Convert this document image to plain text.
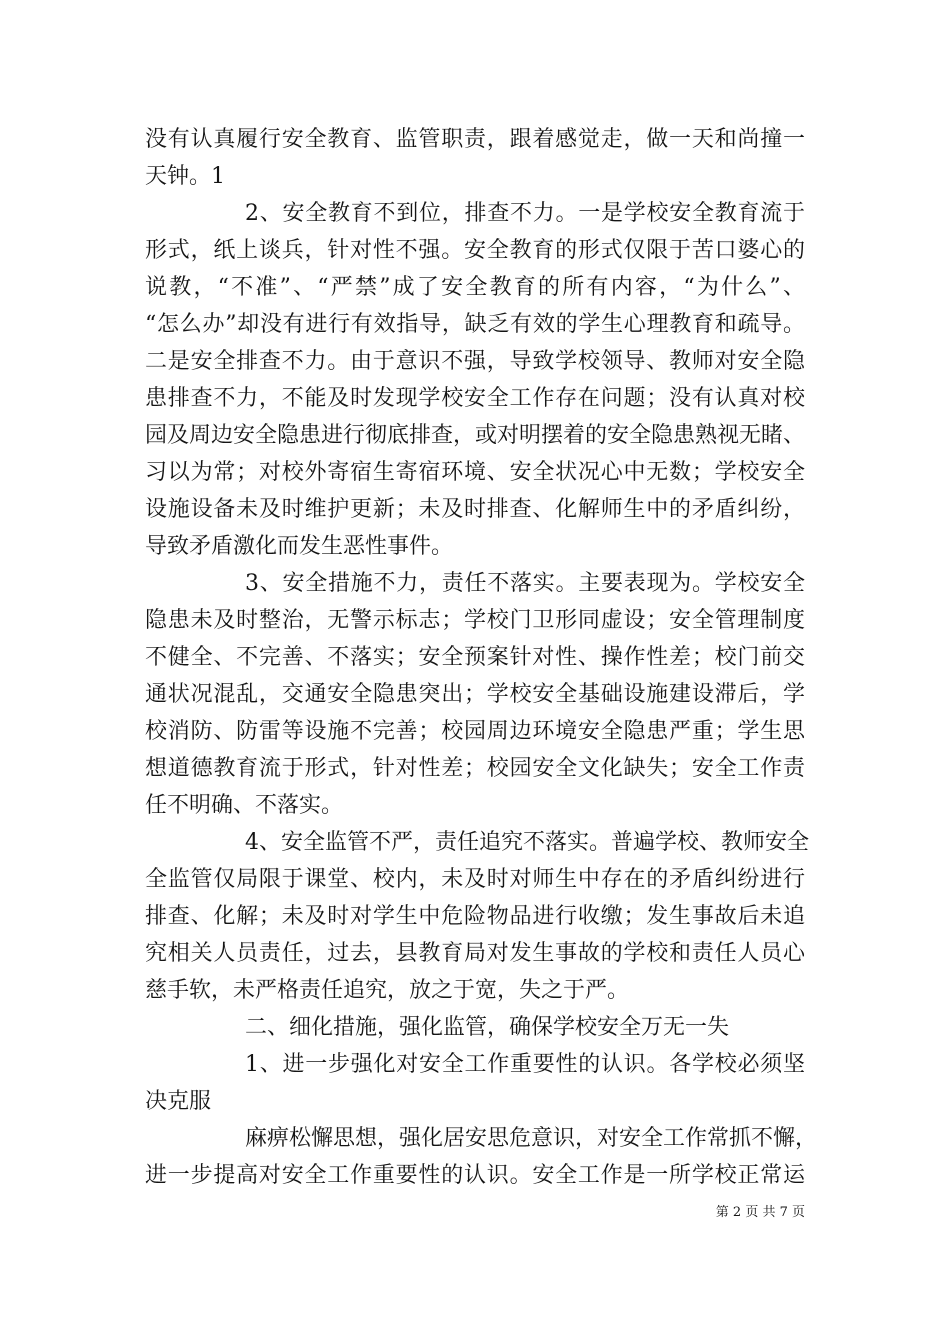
没有认真履行安全教育、监管职责，跟着感觉走，做一天和尚撞一
天钟。1
2、安全教育不到位，排查不力。一是学校安全教育流于
形式，纸上谈兵，针对性不强。安全教育的形式仅限于苦口婆心的
说教，“不准”、“严禁”成了安全教育的所有内容，“为什么”、
“怎么办”却没有进行有效指导，缺乏有效的学生心理教育和疏导。
二是安全排查不力。由于意识不强，导致学校领导、教师对安全隐
患排查不力，不能及时发现学校安全工作存在问题；没有认真对校
园及周边安全隐患进行彻底排查，或对明摆着的安全隐患熟视无睹、
习以为常；对校外寄宿生寄宿环境、安全状况心中无数；学校安全
设施设备未及时维护更新；未及时排查、化解师生中的矛盾纠纷，
导致矛盾激化而发生恶性事件。
3、安全措施不力，责任不落实。主要表现为。学校安全
隐患未及时整治，无警示标志；学校门卫形同虚设；安全管理制度
不健全、不完善、不落实；安全预案针对性、操作性差；校门前交
通状况混乱，交通安全隐患突出；学校安全基础设施建设滞后，学
校消防、防雷等设施不完善；校园周边环境安全隐患严重；学生思
想道德教育流于形式，针对性差；校园安全文化缺失；安全工作责
任不明确、不落实。
4、安全监管不严，责任追究不落实。普遍学校、教师安全
全监管仅局限于课堂、校内，未及时对师生中存在的矛盾纠纷进行
排查、化解；未及时对学生中危险物品进行收缴；发生事故后未追
究相关人员责任，过去，县教育局对发生事故的学校和责任人员心
慈手软，未严格责任追究，放之于宽，失之于严。
二、细化措施，强化监管，确保学校安全万无一失
1、进一步强化对安全工作重要性的认识。各学校必须坚
决克服
麻痹松懈思想，强化居安思危意识，对安全工作常抓不懈，
进一步提高对安全工作重要性的认识。安全工作是一所学校正常运
第 2 页 共 7 页
